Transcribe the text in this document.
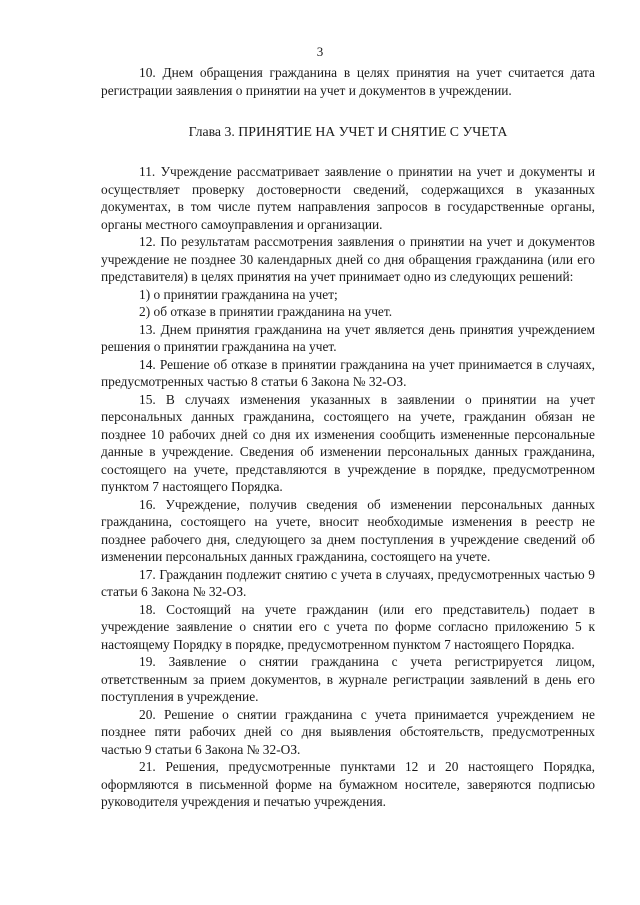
3

10. Днем обращения гражданина в целях принятия на учет считается дата регистрации заявления о принятии на учет и документов в учреждении.

Глава 3. ПРИНЯТИЕ НА УЧЕТ И СНЯТИЕ С УЧЕТА

11. Учреждение рассматривает заявление о принятии на учет и документы и осуществляет проверку достоверности сведений, содержащихся в указанных документах, в том числе путем направления запросов в государственные органы, органы местного самоуправления и организации.

12. По результатам рассмотрения заявления о принятии на учет и документов учреждение не позднее 30 календарных дней со дня обращения гражданина (или его представителя) в целях принятия на учет принимает одно из следующих решений:

1) о принятии гражданина на учет;

2) об отказе в принятии гражданина на учет.

13. Днем принятия гражданина на учет является день принятия учреждением решения о принятии гражданина на учет.

14. Решение об отказе в принятии гражданина на учет принимается в случаях, предусмотренных частью 8 статьи 6 Закона № 32-ОЗ.

15. В случаях изменения указанных в заявлении о принятии на учет персональных данных гражданина, состоящего на учете, гражданин обязан не позднее 10 рабочих дней со дня их изменения сообщить измененные персональные данные в учреждение. Сведения об изменении персональных данных гражданина, состоящего на учете, представляются в учреждение в порядке, предусмотренном пунктом 7 настоящего Порядка.

16. Учреждение, получив сведения об изменении персональных данных гражданина, состоящего на учете, вносит необходимые изменения в реестр не позднее рабочего дня, следующего за днем поступления в учреждение сведений об изменении персональных данных гражданина, состоящего на учете.

17. Гражданин подлежит снятию с учета в случаях, предусмотренных частью 9 статьи 6 Закона № 32-ОЗ.

18. Состоящий на учете гражданин (или его представитель) подает в учреждение заявление о снятии его с учета по форме согласно приложению 5 к настоящему Порядку в порядке, предусмотренном пунктом 7 настоящего Порядка.

19. Заявление о снятии гражданина с учета регистрируется лицом, ответственным за прием документов, в журнале регистрации заявлений в день его поступления в учреждение.

20. Решение о снятии гражданина с учета принимается учреждением не позднее пяти рабочих дней со дня выявления обстоятельств, предусмотренных частью 9 статьи 6 Закона № 32-ОЗ.

21. Решения, предусмотренные пунктами 12 и 20 настоящего Порядка, оформляются в письменной форме на бумажном носителе, заверяются подписью руководителя учреждения и печатью учреждения.
